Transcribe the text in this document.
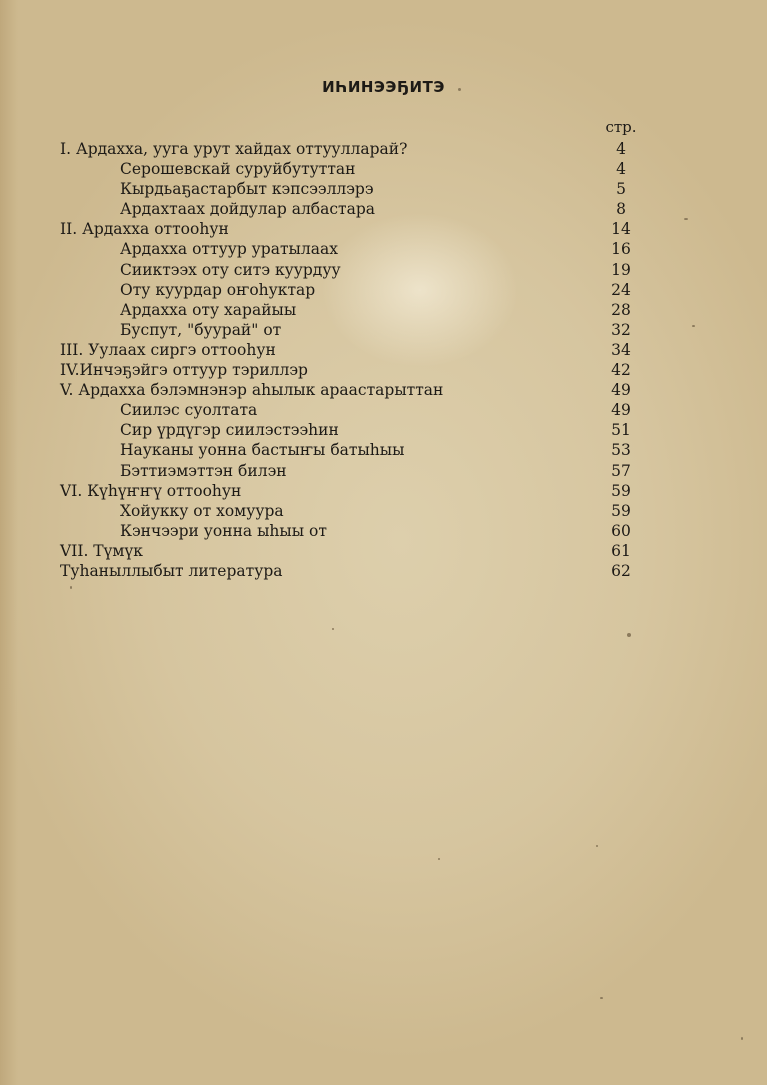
ИҺИНЭЭҔИТЭ
стр.
I. Ардахха, ууга урут хайдах оттуулларай?	4
Серошевскай суруйбутуттан	4
Кырдьаҕастарбыт кэпсээллэрэ	5
Ардахтаах дойдулар албастара	8
II. Ардахха оттооһун	14
Ардахха оттуур уратылаах	16
Сииктээх оту ситэ куурдуу	19
Оту куурдар оҥоһуктар	24
Ардахха оту харайыы	28
Буспут, "буурай" от	32
III. Уулаах сиргэ оттооһун	34
IV.Инчэҕэйгэ оттуур тэриллэр	42
V. Ардахха бэлэмнэнэр аһылык араастарыттан	49
Сиилэс суолтата	49
Сир үрдүгэр сиилэстээһин	51
Науканы уонна бастыҥы батыһыы	53
Бэттиэмэттэн билэн	57
VI. Күһүҥҥү оттооһун	59
Хойукку от хомуура	59
Кэнчээри уонна ыһыы от	60
VII. Түмүк	61
Туһаныллыбыт литература	62
